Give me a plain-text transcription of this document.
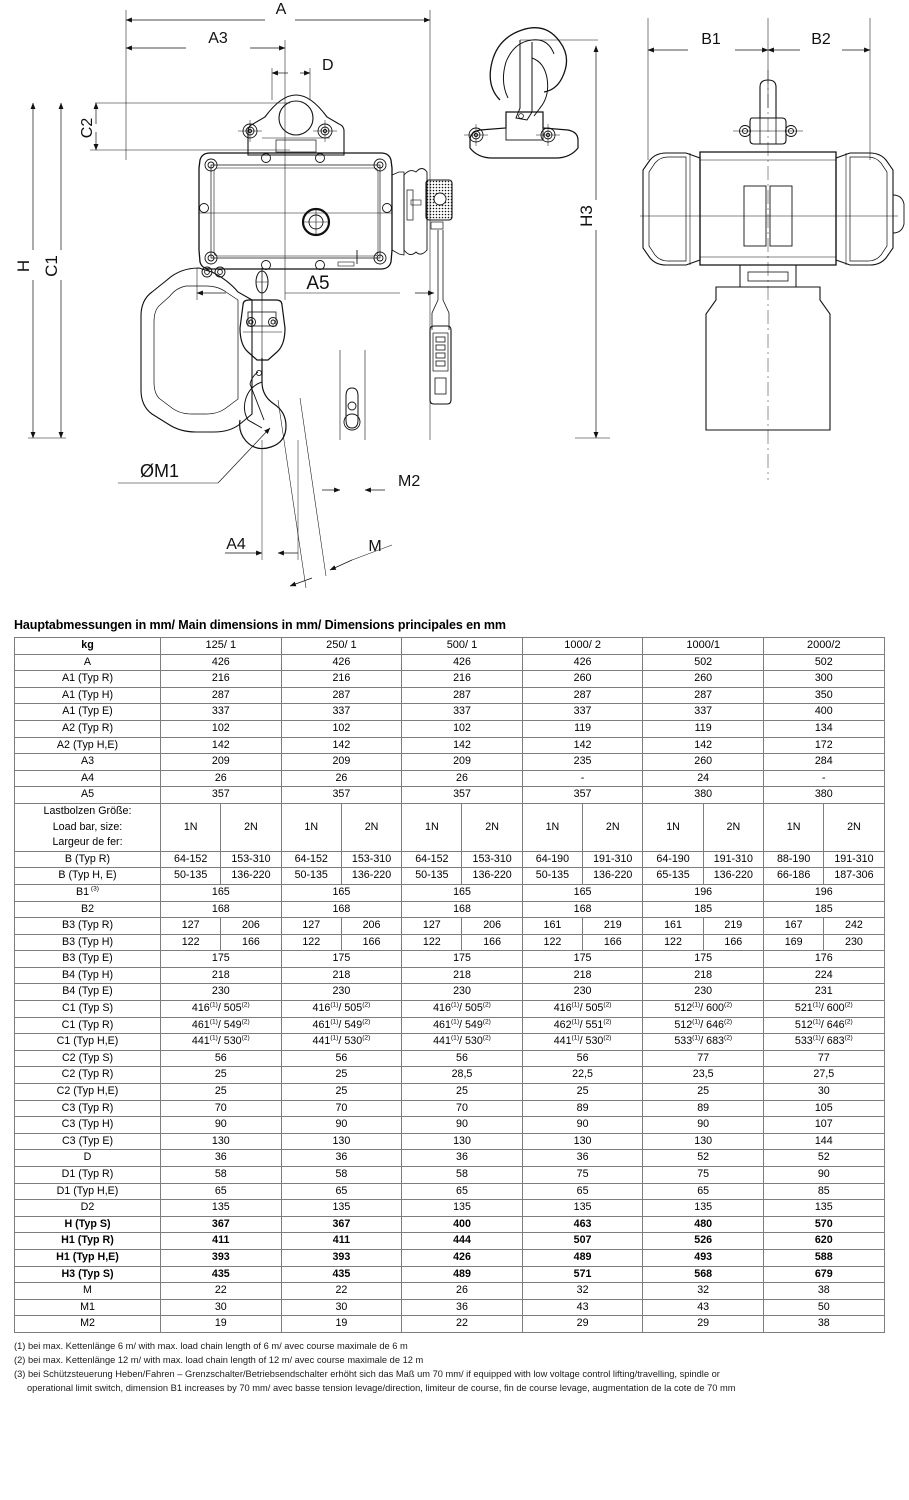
A
A3
D
C2
C1
H
A5
ØM1
M2
A4	M
H3
B1	B2
Hauptabmessungen in mm/ Main dimensions in mm/ Dimensions principales en mm
kg	125/ 1		250/ 1		500/ 1		1000/ 2		1000/1		2000/2	
A	426		426		426		426		502		502	
A1 (Typ R)	216		216		216		260		260		300	
A1 (Typ H)	287		287		287		287		287		350	
A1 (Typ E)	337		337		337		337		337		400	
A2 (Typ R)	102		102		102		119		119		134	
A2 (Typ H,E)	142		142		142		142		142		172	
A3	209		209		209		235		260		284	
A4	26		26		26		-		24		-	
A5	357		357		357		357		380		380	

Lastbolzen Größe:
Load bar, size:
Largeur de fer:	1N	2N	1N	2N	1N	2N	1N	2N	1N	2N	1N	2N
B (Typ R)	64-152	153-310	64-152	153-310	64-152	153-310	64-190	191-310	64-190	191-310	88-190	191-310
B (Typ H, E)	50-135	136-220	50-135	136-220	50-135	136-220	50-135	136-220	65-135	136-220	66-186	187-306
B1 $^{(3)}$	165		165		165		165		196		196	
B2	168		168		168		168		185		185	
B3 (Typ R)	127	206	127	206	127	206	161	219	161	219	167	242
B3 (Typ H)	122	166	122	166	122	166	122	166	122	166	169	230
B3 (Typ E)	175		175		175		175		175		176	
B4 (Typ H)	218		218		218		218		218		224	
B4 (Typ E)	230		230		230		230		230		231	
C1 (Typ S)	416$^{(1)}$/ 505$^{(2)}$		416$^{(1)}$/ 505$^{(2)}$		416$^{(1)}$/ 505$^{(2)}$		416$^{(1)}$/ 505$^{(2)}$		512$^{(1)}$/ 600$^{(2)}$		521$^{(1)}$/ 600$^{(2)}$
C1 (Typ R)	461$^{(1)}$/ 549$^{(2)}$		461$^{(1)}$/ 549$^{(2)}$		461$^{(1)}$/ 549$^{(2)}$		462$^{(1)}$/ 551$^{(2)}$		512$^{(1)}$/ 646$^{(2)}$		512$^{(1)}$/ 646$^{(2)}$
C1 (Typ H,E)	441$^{(1)}$/ 530$^{(2)}$		441$^{(1)}$/ 530$^{(2)}$		441$^{(1)}$/ 530$^{(2)}$		441$^{(1)}$/ 530$^{(2)}$		533$^{(1)}$/ 683$^{(2)}$		533$^{(1)}$/ 683$^{(2)}$
C2 (Typ S)	56		56		56		56		77		77	
C2 (Typ R)	25		25		28,5		22,5		23,5		27,5	
C2 (Typ H,E)	25		25		25		25		25		30	
C3 (Typ R)	70		70		70		89		89		105	
C3 (Typ H)	90		90		90		90		90		107	
C3 (Typ E)	130		130		130		130		130		144	
D	36		36		36		36		52		52	
D1 (Typ R)	58		58		58		75		75		90	
D1 (Typ H,E)	65		65		65		65		65		85	
D2	135		135		135		135		135		135	
H (Typ S)	367		367		400		463		480		570	
H1 (Typ R)	411		411		444		507		526		620	
H1 (Typ H,E)	393		393		426		489		493		588	
H3 (Typ S)	435		435		489		571		568		679	
M	22		22		26		32		32		38	
M1	30		30		36		43		43		50	
M2	19		19		22		29		29		38	
(1) bei max. Kettenlänge 6 m/ with max. load chain length of 6 m/ avec course maximale de 6 m
(2) bei max. Kettenlänge 12 m/ with max. load chain length of 12 m/ avec course maximale de 12 m
(3) bei Schützsteuerung Heben/Fahren – Grenzschalter/Betriebsendschalter erhöht sich das Maß um 70 mm/ if equipped with low voltage control lifting/travelling, spindle or
operational limit switch, dimension B1 increases by 70 mm/ avec basse tension levage/direction, limiteur de course, fin de course levage, augmentation de la cote de 70 mm
